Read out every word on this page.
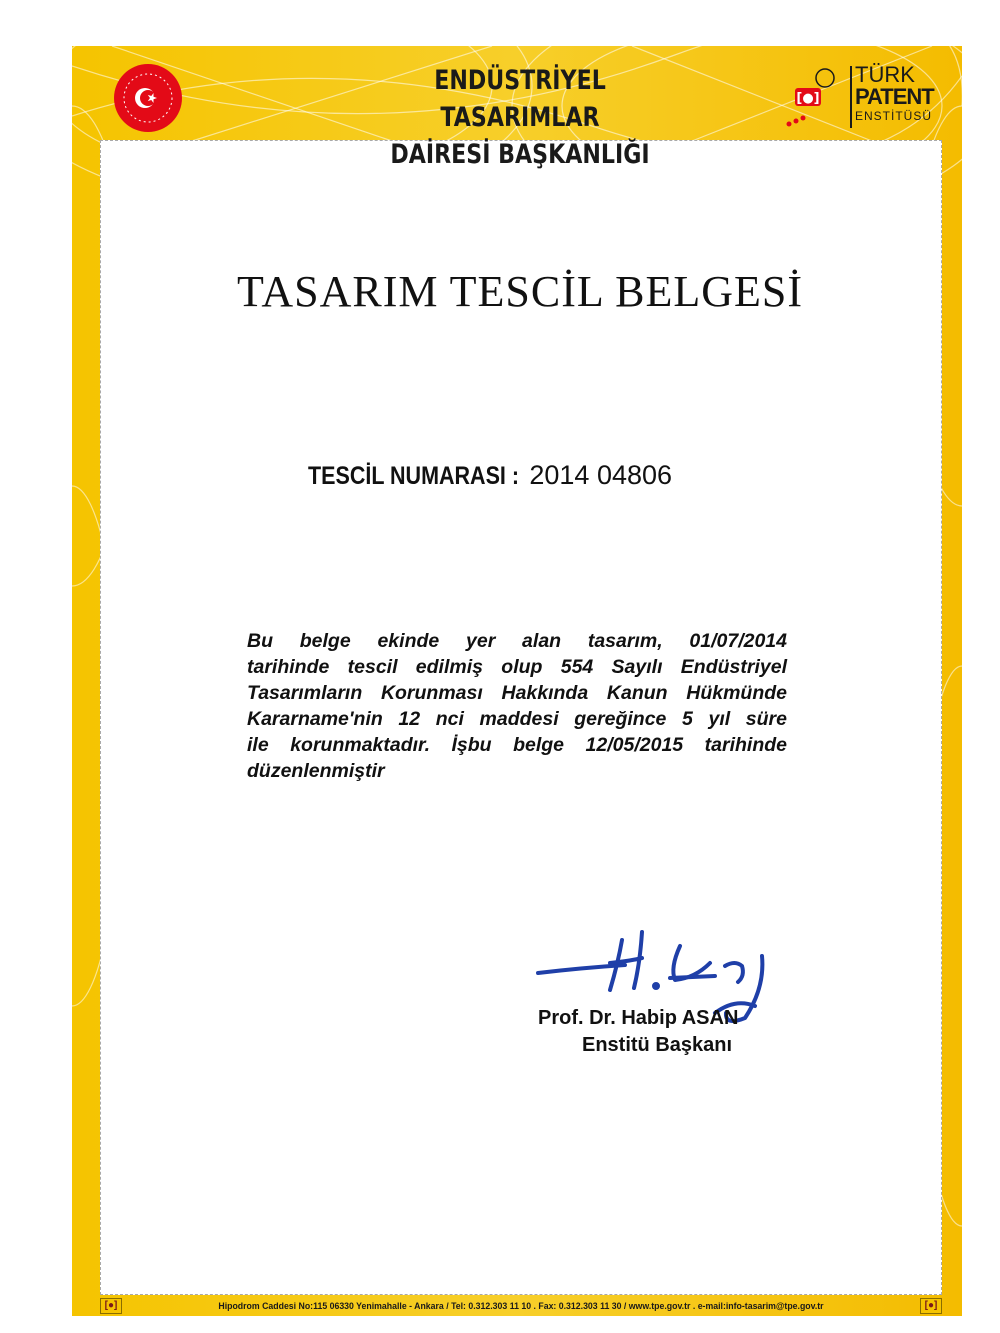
ENDÜSTRİYEL TASARIMLAR
DAİRESİ BAŞKANLIĞI
[●]
TÜRK
PATENT
ENSTİTÜSÜ
TASARIM TESCİL BELGESİ
TESCİL NUMARASI :2014 04806
Bu belge ekinde yer alan tasarım, 01/07/2014
tarihinde tescil edilmiş olup 554 Sayılı Endüstriyel
Tasarımların Korunması Hakkında Kanun Hükmünde
Kararname'nin 12 nci maddesi gereğince 5 yıl süre
ile korunmaktadır. İşbu belge 12/05/2015 tarihinde
düzenlenmiştir
Prof. Dr. Habip ASAN
Enstitü Başkanı
[●]	Hipodrom Caddesi No:115 06330 Yenimahalle - Ankara / Tel: 0.312.303 11 10 . Fax: 0.312.303 11 30 / www.tpe.gov.tr . e-mail:info-tasarim@tpe.gov.tr	[●]
